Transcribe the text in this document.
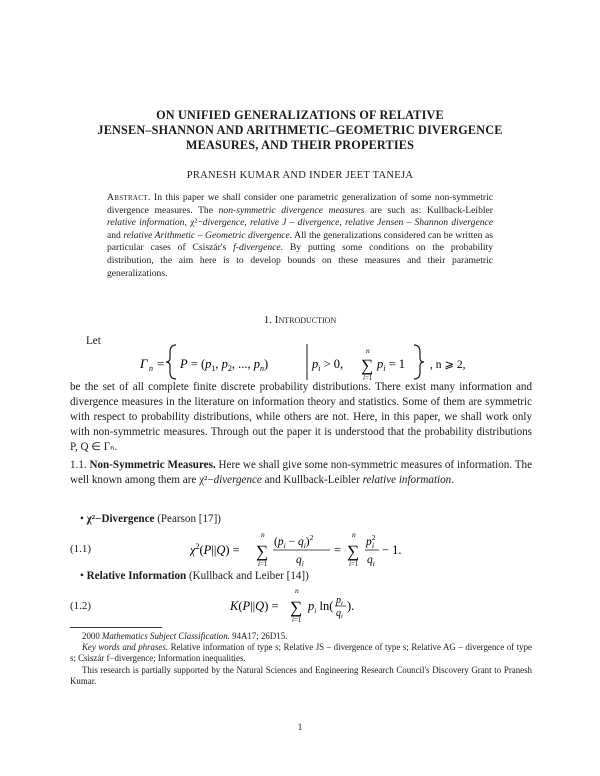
ON UNIFIED GENERALIZATIONS OF RELATIVE
JENSEN–SHANNON AND ARITHMETIC–GEOMETRIC DIVERGENCE
MEASURES, AND THEIR PROPERTIES
PRANESH KUMAR AND INDER JEET TANEJA
Abstract. In this paper we shall consider one parametric generalization of some non-symmetric divergence measures. The non-symmetric divergence measures are such as: Kullback-Leibler relative information, χ²−divergence, relative J – divergence, relative Jensen – Shannon divergence and relative Arithmetic – Geometric divergence. All the generalizations considered can be written as particular cases of Csiszár's f-divergence. By putting some conditions on the probability distribution, the aim here is to develop bounds on these measures and their parametric generalizations.
1. Introduction
Let
Γ $n = P = (p_1$, $p_2$, ..., $p_n$)	$p_i > 0$,
n
∑
i=1
$p_i = 1$ , n ⩾ 2,
be the set of all complete finite discrete probability distributions. There exist many information and divergence measures in the literature on information theory and statistics. Some of them are symmetric with respect to probability distributions, while others are not. Here, in this paper, we shall work only with non-symmetric measures. Through out the paper it is understood that the probability distributions P, Q ∈ Γₙ.
1.1. Non-Symmetric Measures. Here we shall give some non-symmetric measures of information. The well known among them are χ²−divergence and Kullback-Leibler relative information.
• χ²−Divergence (Pearson [17])
(1.1)	$\chi^2(P||Q)$ =
n
∑
i=1
$(p_i - q_i)^2$
$q_i$
=
n
∑
i=1
$p^2$
i
$q_i$
− 1.
• Relative Information (Kullback and Leiber [14])
(1.2)	K(P||Q) =
n
∑
i=1
$p_i$ ln( $p_i$
$q_i$
).

2000 Mathematics Subject Classification. 94A17; 26D15.

Key words and phrases. Relative information of type s; Relative JS – divergence of type s; Relative AG – divergence of type s; Csiszár f−divergence; Information inequalities.

This research is partially supported by the Natural Sciences and Engineering Research Council's Discovery Grant to Pranesh Kumar.

1
